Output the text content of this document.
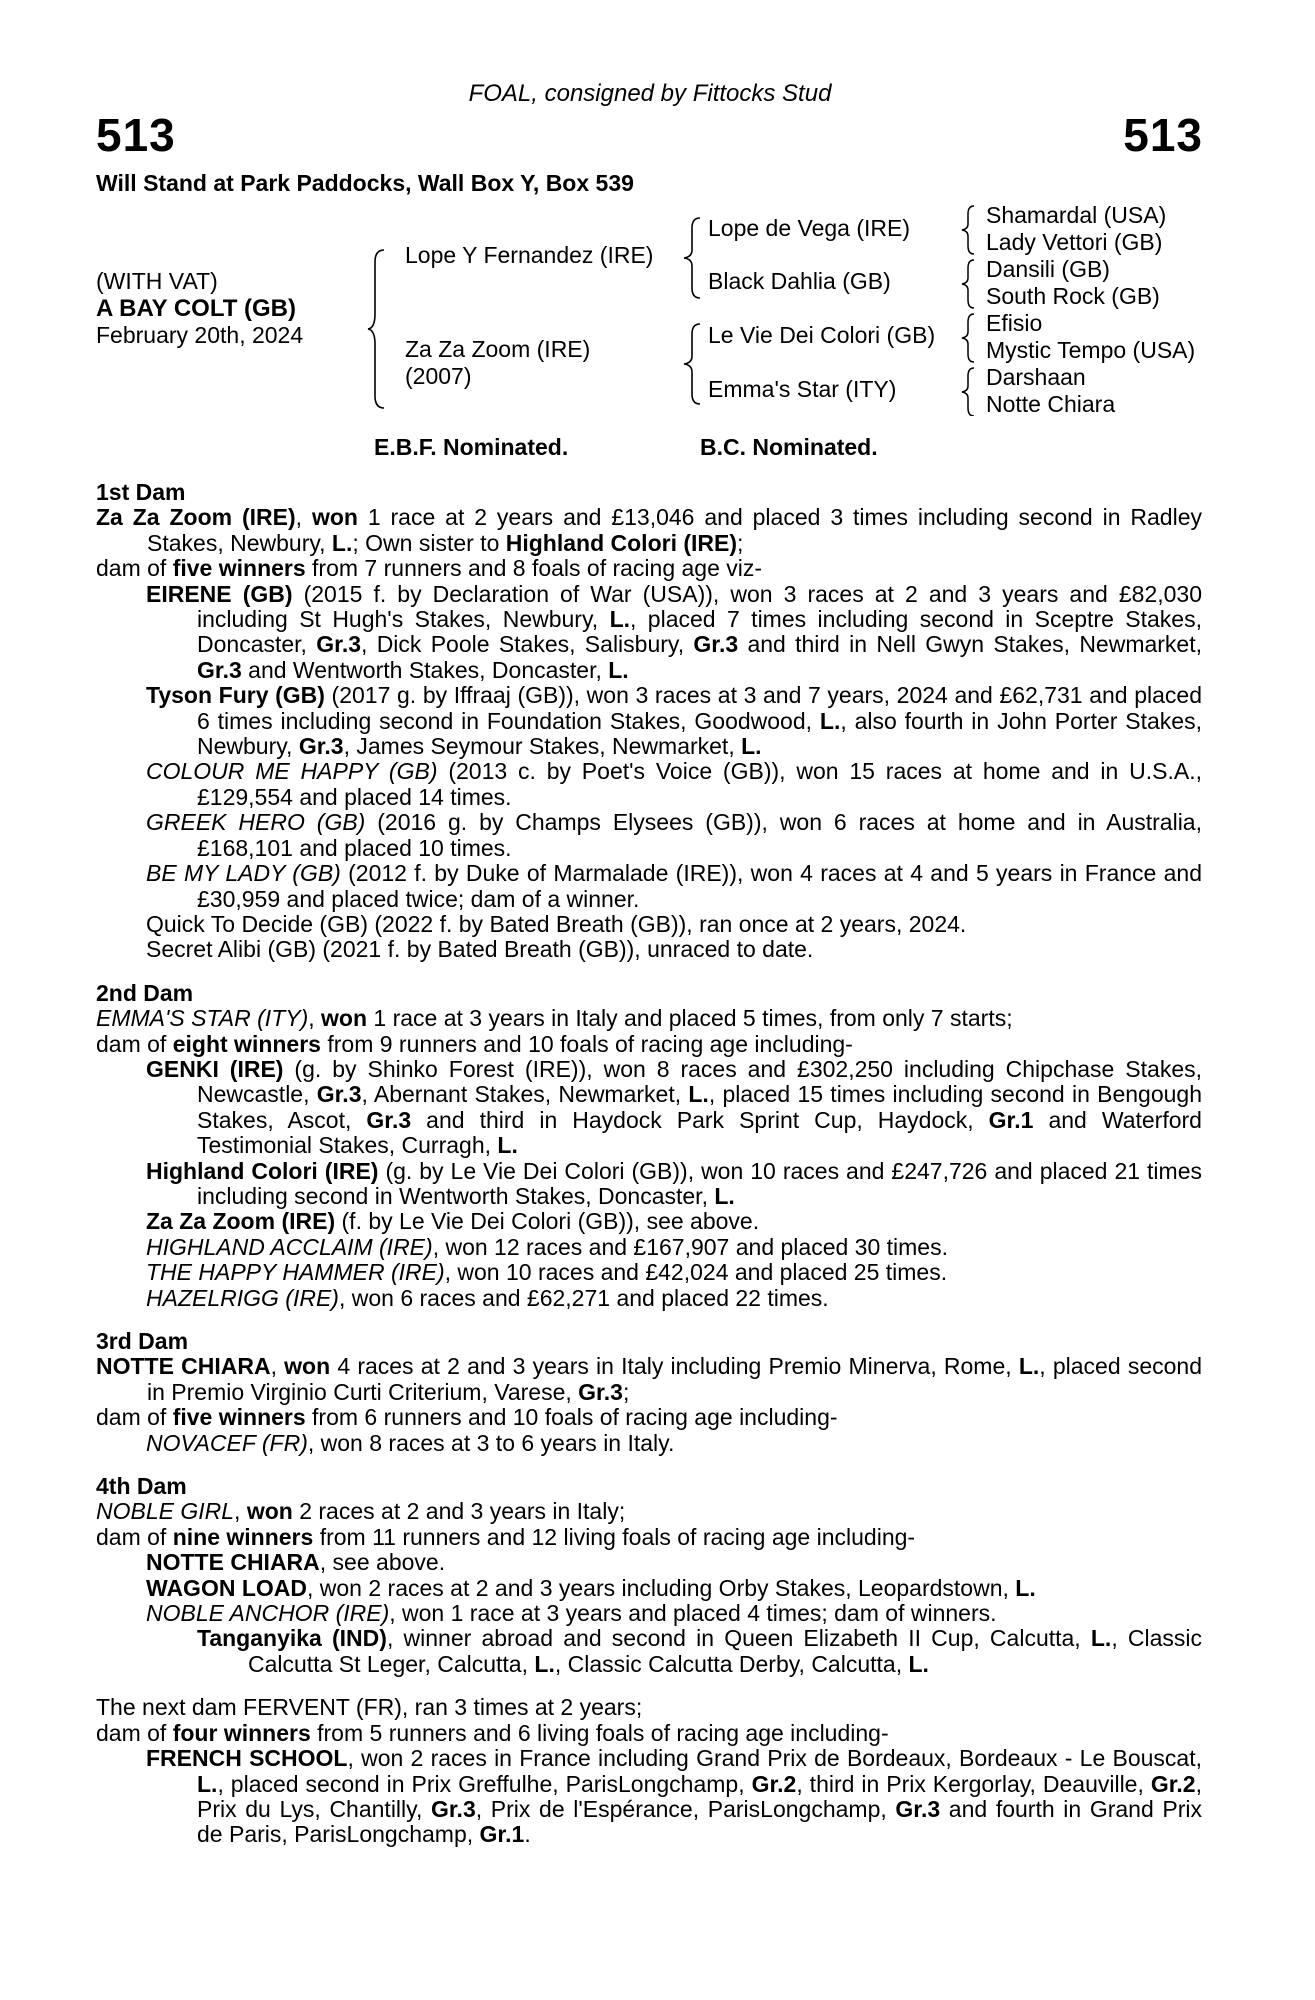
FOAL, consigned by Fittocks Stud
513	513
Will Stand at Park Paddocks, Wall Box Y, Box 539
(WITH VAT)
A BAY COLT (GB)
February 20th, 2024
Lope Y Fernandez (IRE)
Za Za Zoom (IRE)
(2007)
Lope de Vega (IRE)
Black Dahlia (GB)
Le Vie Dei Colori (GB)
Emma's Star (ITY)
Shamardal (USA)
Lady Vettori (GB)
Dansili (GB)
South Rock (GB)
Efisio
Mystic Tempo (USA)
Darshaan
Notte Chiara
E.B.F. Nominated.	B.C. Nominated.
1st Dam
Za Za Zoom (IRE), won 1 race at 2 years and £13,046 and placed 3 times including second in Radley Stakes, Newbury, L.; Own sister to Highland Colori (IRE);
dam of five winners from 7 runners and 8 foals of racing age viz-
EIRENE (GB) (2015 f. by Declaration of War (USA)), won 3 races at 2 and 3 years and £82,030 including St Hugh's Stakes, Newbury, L., placed 7 times including second in Sceptre Stakes, Doncaster, Gr.3, Dick Poole Stakes, Salisbury, Gr.3 and third in Nell Gwyn Stakes, Newmarket, Gr.3 and Wentworth Stakes, Doncaster, L.
Tyson Fury (GB) (2017 g. by Iffraaj (GB)), won 3 races at 3 and 7 years, 2024 and £62,731 and placed 6 times including second in Foundation Stakes, Goodwood, L., also fourth in John Porter Stakes, Newbury, Gr.3, James Seymour Stakes, Newmarket, L.
COLOUR ME HAPPY (GB) (2013 c. by Poet's Voice (GB)), won 15 races at home and in U.S.A., £129,554 and placed 14 times.
GREEK HERO (GB) (2016 g. by Champs Elysees (GB)), won 6 races at home and in Australia, £168,101 and placed 10 times.
BE MY LADY (GB) (2012 f. by Duke of Marmalade (IRE)), won 4 races at 4 and 5 years in France and £30,959 and placed twice; dam of a winner.
Quick To Decide (GB) (2022 f. by Bated Breath (GB)), ran once at 2 years, 2024.
Secret Alibi (GB) (2021 f. by Bated Breath (GB)), unraced to date.
2nd Dam
EMMA'S STAR (ITY), won 1 race at 3 years in Italy and placed 5 times, from only 7 starts;
dam of eight winners from 9 runners and 10 foals of racing age including-
GENKI (IRE) (g. by Shinko Forest (IRE)), won 8 races and £302,250 including Chipchase Stakes, Newcastle, Gr.3, Abernant Stakes, Newmarket, L., placed 15 times including second in Bengough Stakes, Ascot, Gr.3 and third in Haydock Park Sprint Cup, Haydock, Gr.1 and Waterford Testimonial Stakes, Curragh, L.
Highland Colori (IRE) (g. by Le Vie Dei Colori (GB)), won 10 races and £247,726 and placed 21 times including second in Wentworth Stakes, Doncaster, L.
Za Za Zoom (IRE) (f. by Le Vie Dei Colori (GB)), see above.
HIGHLAND ACCLAIM (IRE), won 12 races and £167,907 and placed 30 times.
THE HAPPY HAMMER (IRE), won 10 races and £42,024 and placed 25 times.
HAZELRIGG (IRE), won 6 races and £62,271 and placed 22 times.
3rd Dam
NOTTE CHIARA, won 4 races at 2 and 3 years in Italy including Premio Minerva, Rome, L., placed second in Premio Virginio Curti Criterium, Varese, Gr.3;
dam of five winners from 6 runners and 10 foals of racing age including-
NOVACEF (FR), won 8 races at 3 to 6 years in Italy.
4th Dam
NOBLE GIRL, won 2 races at 2 and 3 years in Italy;
dam of nine winners from 11 runners and 12 living foals of racing age including-
NOTTE CHIARA, see above.
WAGON LOAD, won 2 races at 2 and 3 years including Orby Stakes, Leopardstown, L.
NOBLE ANCHOR (IRE), won 1 race at 3 years and placed 4 times; dam of winners.
Tanganyika (IND), winner abroad and second in Queen Elizabeth II Cup, Calcutta, L., Classic Calcutta St Leger, Calcutta, L., Classic Calcutta Derby, Calcutta, L.
The next dam FERVENT (FR), ran 3 times at 2 years;
dam of four winners from 5 runners and 6 living foals of racing age including-
FRENCH SCHOOL, won 2 races in France including Grand Prix de Bordeaux, Bordeaux - Le Bouscat, L., placed second in Prix Greffulhe, ParisLongchamp, Gr.2, third in Prix Kergorlay, Deauville, Gr.2, Prix du Lys, Chantilly, Gr.3, Prix de l'Espérance, ParisLongchamp, Gr.3 and fourth in Grand Prix de Paris, ParisLongchamp, Gr.1.
